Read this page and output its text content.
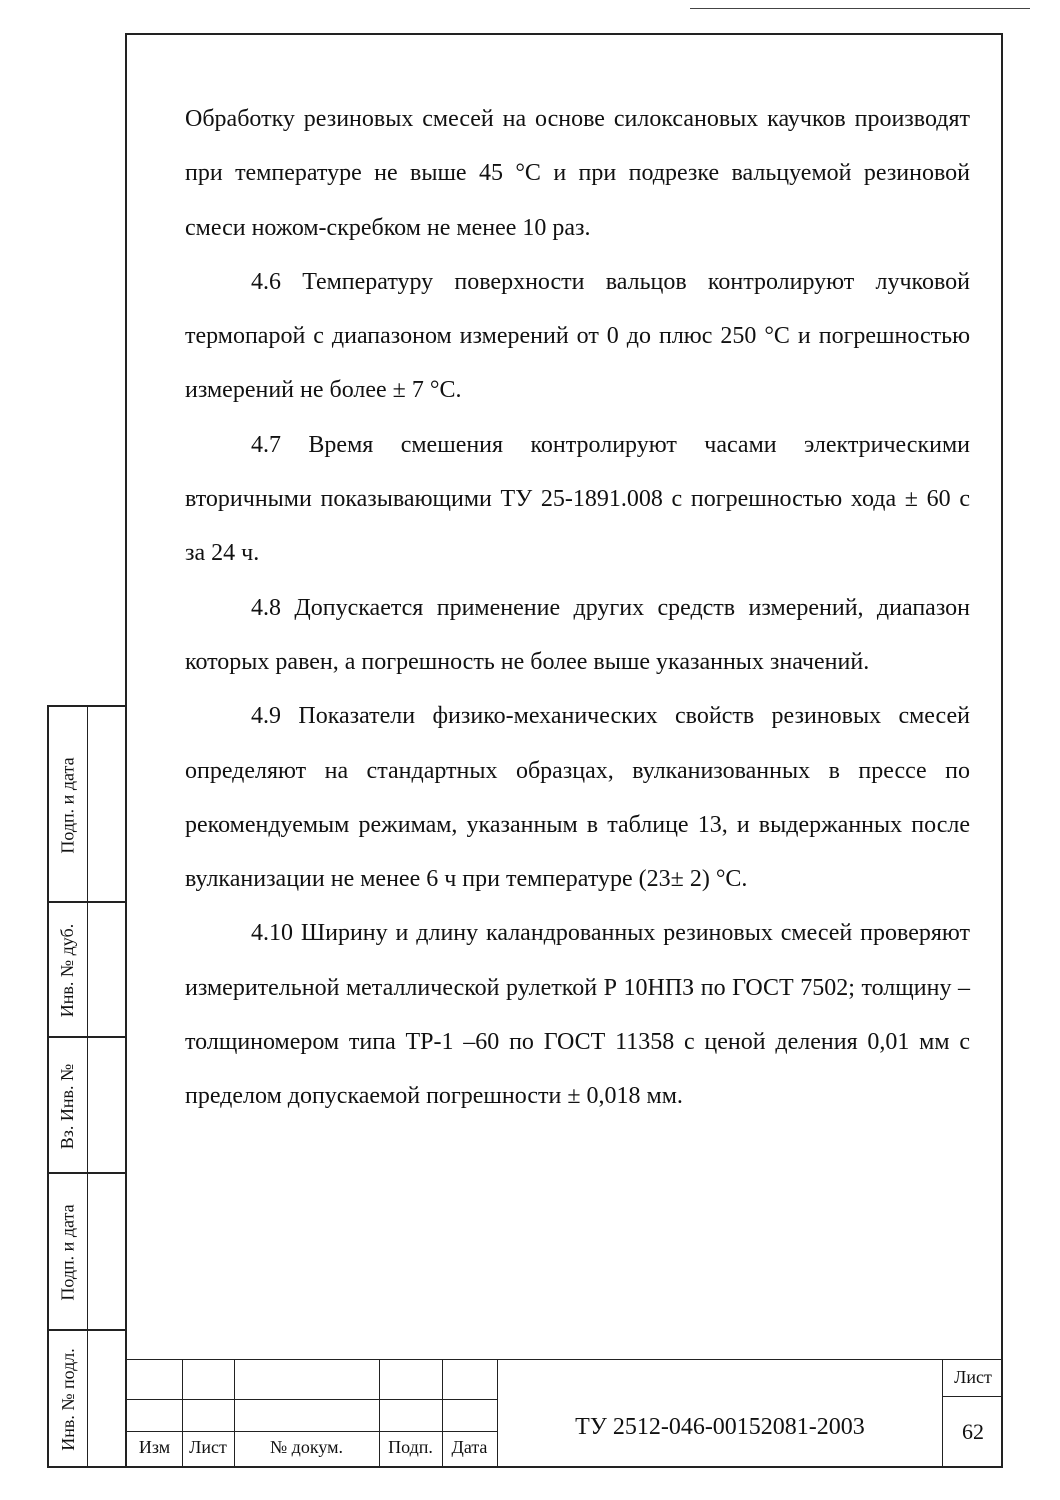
Обработку резиновых смесей на основе силоксановых каучков производят при температуре не выше 45 °С и при подрезке вальцуемой резиновой смеси ножом-скребком не менее 10 раз.

4.6 Температуру поверхности вальцов контролируют лучковой термопарой с диапазоном измерений от 0 до плюс 250 °С и погрешностью измерений не более ± 7 °С.

4.7 Время смешения контролируют часами электрическими вторичными показывающими ТУ 25-1891.008 с погрешностью хода ± 60 с за 24 ч.

4.8 Допускается применение других средств измерений, диапазон которых равен, а погрешность не более выше указанных значений.

4.9 Показатели физико-механических свойств резиновых смесей определяют на стандартных образцах, вулканизованных в прессе по рекомендуемым режимам, указанным в таблице 13, и выдержанных после вулканизации не менее 6 ч при температуре (23± 2) °С.

4.10 Ширину и длину каландрованных резиновых смесей проверяют измерительной металлической рулеткой Р 10НПЗ по ГОСТ 7502; толщину – толщиномером типа ТР-1 –60 по ГОСТ 11358 с ценой деления 0,01 мм с пределом допускаемой погрешности ± 0,018 мм.

Подп. и дата
Инв. № дуб.
Вз. Инв. №
Подп. и дата
Инв. № подл.	Изм	Лист	№ докум.	Подп.	Дата
ТУ 2512-046-00152081-2003
Лист
62
